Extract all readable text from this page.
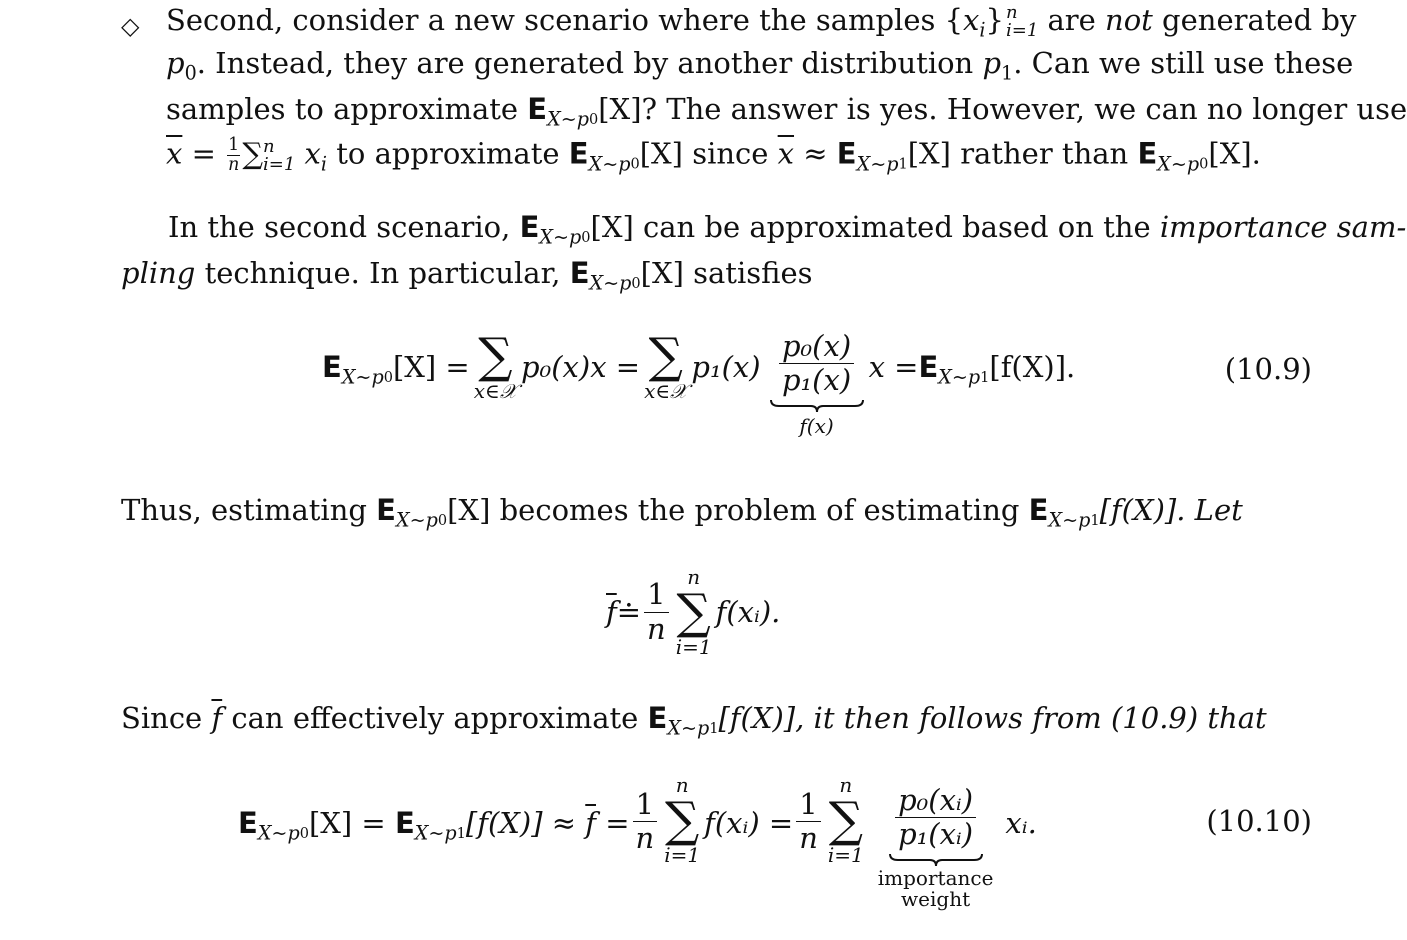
◇ Second, consider a new scenario where the samples $\{x_i\}$ n
i=1 are not generated by
$p_0$. Instead, they are generated by another distribution $p_1$. Can we still use these
samples to approximate $E_{X\sim p0}[X]$? The answer is yes. However, we can no longer use
$\overline{x} = \frac{1}{n}$ ∑ n
i=1 $x_i$ to approximate $E_{X\sim p0}[X]$ since $\overline{x} \approx E_{X\sim p1}[X]$ rather than $E_{X\sim p0}[X]$.
In the second scenario, $E_{X\sim p0}[X]$ can be approximated based on the importance sam-
pling technique. In particular, $E_{X\sim p0}[X]$ satisfies
$E_{X\sim p0}[X]$ = ∑
x∈𝒳
p₀(x)x = ∑
x∈𝒳
$p_1(x) \frac{\text{p₀(x)}}{\text{p₁(x)}}$
f(x)
$x = E_{X\sim p1}[f(X)]$.	(10.9)
Thus, estimating $E_{X\sim p0}[X]$ becomes the problem of estimating $E_{X\sim p1}[f(X)]$. Let
$\overline{f}$ ≐ $\frac{1}{n}$
n
∑
i=1
f(xᵢ).
Since $\overline{f}$ can effectively approximate $E_{X\sim p1}[f(X)]$, it then follows from (10.9) that
$E_{X\sim p0}[X] = E_{X\sim p1}[f(X)] \approx \overline{f} = \frac{1}{n}$
n
∑
i=1
f(xᵢ) = $\frac{1}{n}$
n
∑
i=1
$\frac{\text{p₀(xᵢ)}}{\text{p₁(xᵢ)}}$
importance
weight
xᵢ.	(10.10)
